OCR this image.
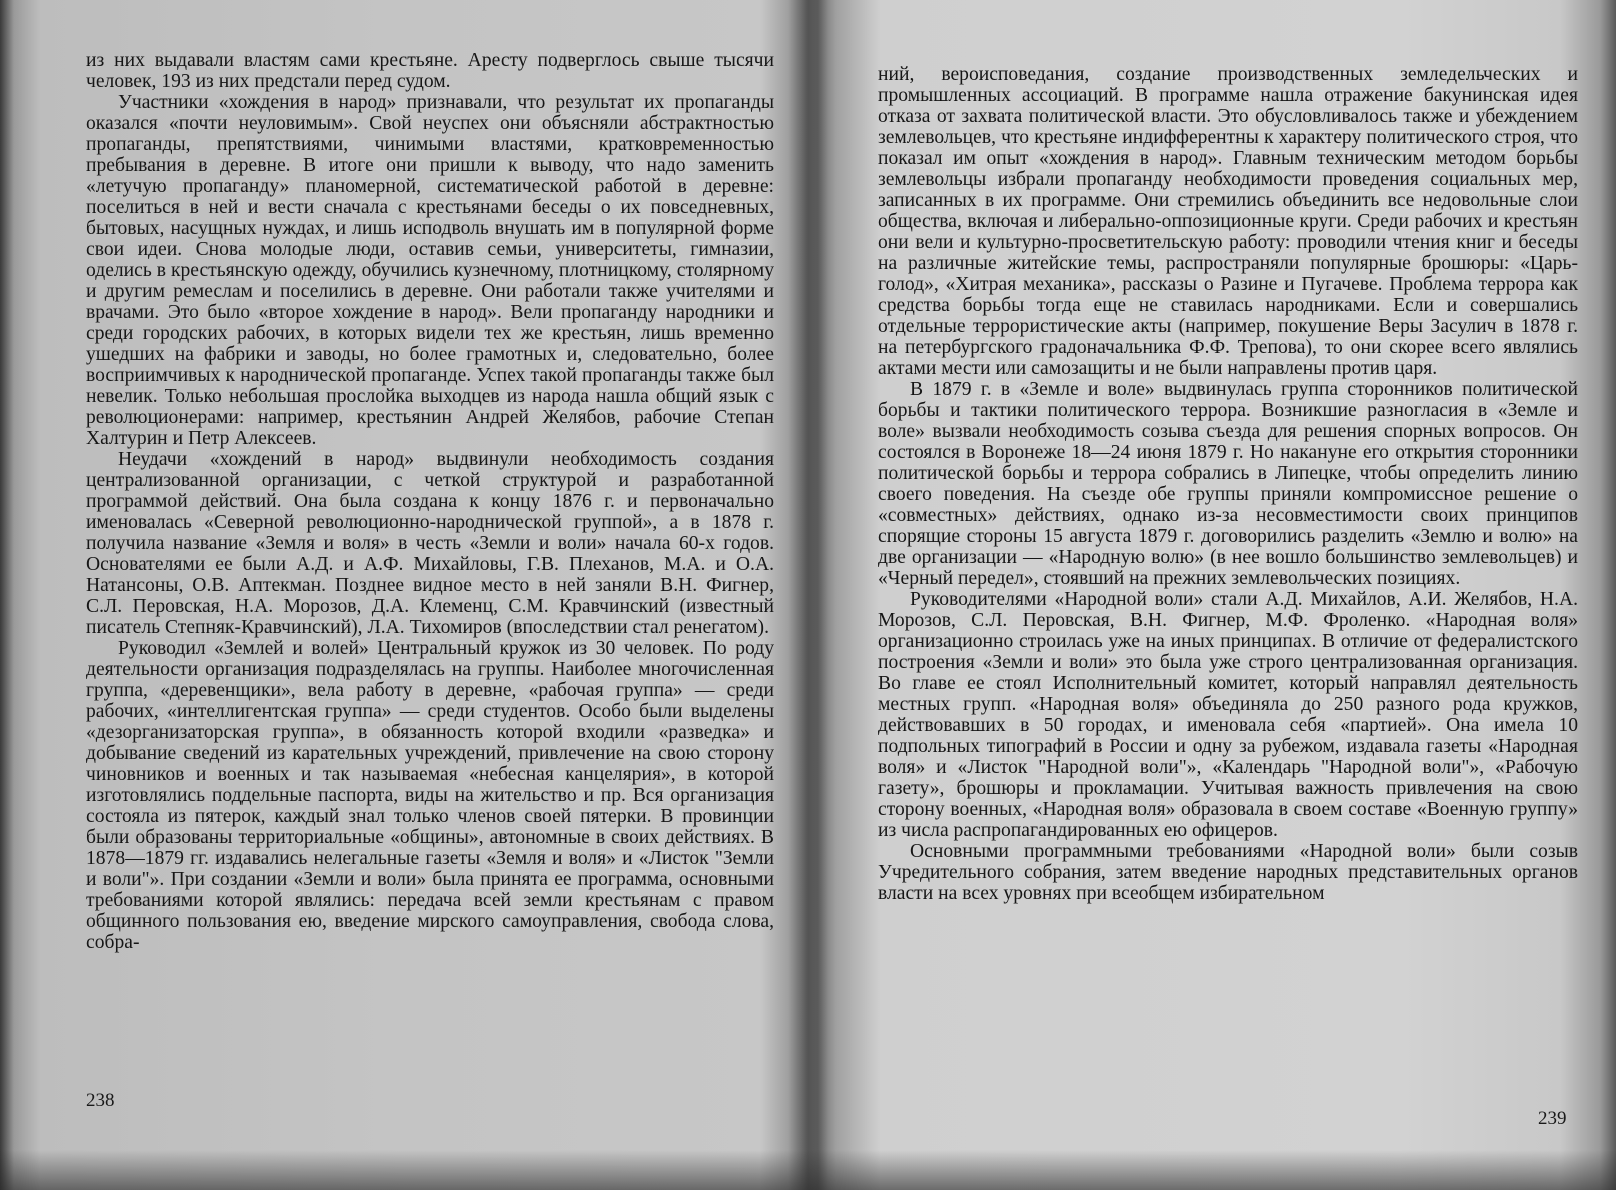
из них выдавали властям сами крестьяне. Аресту подверглось свыше тысячи человек, 193 из них предстали перед судом.

Участники «хождения в народ» признавали, что результат их пропаганды оказался «почти неуловимым». Свой неуспех они объясняли абстрактностью пропаганды, препятствиями, чинимыми властями, кратковременностью пребывания в деревне. В итоге они пришли к выводу, что надо заменить «летучую пропаганду» планомерной, систематической работой в деревне: поселиться в ней и вести сначала с крестьянами беседы о их повседневных, бытовых, насущных нуждах, и лишь исподволь внушать им в популярной форме свои идеи. Снова молодые люди, оставив семьи, университеты, гимназии, оделись в крестьянскую одежду, обучились кузнечному, плотницкому, столярному и другим ремеслам и поселились в деревне. Они работали также учителями и врачами. Это было «второе хождение в народ». Вели пропаганду народники и среди городских рабочих, в которых видели тех же крестьян, лишь временно ушедших на фабрики и заводы, но более грамотных и, следовательно, более восприимчивых к народнической пропаганде. Успех такой пропаганды также был невелик. Только небольшая прослойка выходцев из народа нашла общий язык с революционерами: например, крестьянин Андрей Желябов, рабочие Степан Халтурин и Петр Алексеев.

Неудачи «хождений в народ» выдвинули необходимость создания централизованной организации, с четкой структурой и разработанной программой действий. Она была создана к концу 1876 г. и первоначально именовалась «Северной революционно-народнической группой», а в 1878 г. получила название «Земля и воля» в честь «Земли и воли» начала 60-х годов. Основателями ее были А.Д. и А.Ф. Михайловы, Г.В. Плеханов, М.А. и О.А. Натансоны, О.В. Аптекман. Позднее видное место в ней заняли В.Н. Фигнер, С.Л. Перовская, Н.А. Морозов, Д.А. Клеменц, С.М. Кравчинский (известный писатель Степняк-Кравчинский), Л.А. Тихомиров (впоследствии стал ренегатом).

Руководил «Землей и волей» Центральный кружок из 30 человек. По роду деятельности организация подразделялась на группы. Наиболее многочисленная группа, «деревенщики», вела работу в деревне, «рабочая группа» — среди рабочих, «интеллигентская группа» — среди студентов. Особо были выделены «дезорганизаторская группа», в обязанность которой входили «разведка» и добывание сведений из карательных учреждений, привлечение на свою сторону чиновников и военных и так называемая «небесная канцелярия», в которой изготовлялись поддельные паспорта, виды на жительство и пр. Вся организация состояла из пятерок, каждый знал только членов своей пятерки. В провинции были образованы территориальные «общины», автономные в своих действиях. В 1878—1879 гг. издавались нелегальные газеты «Земля и воля» и «Листок "Земли и воли"». При создании «Земли и воли» была принята ее программа, основными требованиями которой являлись: передача всей земли крестьянам с правом общинного пользования ею, введение мирского самоуправления, свобода слова, собра-

238

ний, вероисповедания, создание производственных земледельческих и промышленных ассоциаций. В программе нашла отражение бакунинская идея отказа от захвата политической власти. Это обусловливалось также и убеждением землевольцев, что крестьяне индифферентны к характеру политического строя, что показал им опыт «хождения в народ». Главным техническим методом борьбы землевольцы избрали пропаганду необходимости проведения социальных мер, записанных в их программе. Они стремились объединить все недовольные слои общества, включая и либерально-оппозиционные круги. Среди рабочих и крестьян они вели и культурно-просветительскую работу: проводили чтения книг и беседы на различные житейские темы, распространяли популярные брошюры: «Царь-голод», «Хитрая механика», рассказы о Разине и Пугачеве. Проблема террора как средства борьбы тогда еще не ставилась народниками. Если и совершались отдельные террористические акты (например, покушение Веры Засулич в 1878 г. на петербургского градоначальника Ф.Ф. Трепова), то они скорее всего являлись актами мести или самозащиты и не были направлены против царя.

В 1879 г. в «Земле и воле» выдвинулась группа сторонников политической борьбы и тактики политического террора. Возникшие разногласия в «Земле и воле» вызвали необходимость созыва съезда для решения спорных вопросов. Он состоялся в Воронеже 18—24 июня 1879 г. Но накануне его открытия сторонники политической борьбы и террора собрались в Липецке, чтобы определить линию своего поведения. На съезде обе группы приняли компромиссное решение о «совместных» действиях, однако из-за несовместимости своих принципов спорящие стороны 15 августа 1879 г. договорились разделить «Землю и волю» на две организации — «Народную волю» (в нее вошло большинство землевольцев) и «Черный передел», стоявший на прежних землевольческих позициях.

Руководителями «Народной воли» стали А.Д. Михайлов, А.И. Желябов, Н.А. Морозов, С.Л. Перовская, В.Н. Фигнер, М.Ф. Фроленко. «Народная воля» организационно строилась уже на иных принципах. В отличие от федералистского построения «Земли и воли» это была уже строго централизованная организация. Во главе ее стоял Исполнительный комитет, который направлял деятельность местных групп. «Народная воля» объединяла до 250 разного рода кружков, действовавших в 50 городах, и именовала себя «партией». Она имела 10 подпольных типографий в России и одну за рубежом, издавала газеты «Народная воля» и «Листок "Народной воли"», «Календарь "Народной воли"», «Рабочую газету», брошюры и прокламации. Учитывая важность привлечения на свою сторону военных, «Народная воля» образовала в своем составе «Военную группу» из числа распропагандированных ею офицеров.

Основными программными требованиями «Народной воли» были созыв Учредительного собрания, затем введение народных представительных органов власти на всех уровнях при всеобщем избирательном

239
